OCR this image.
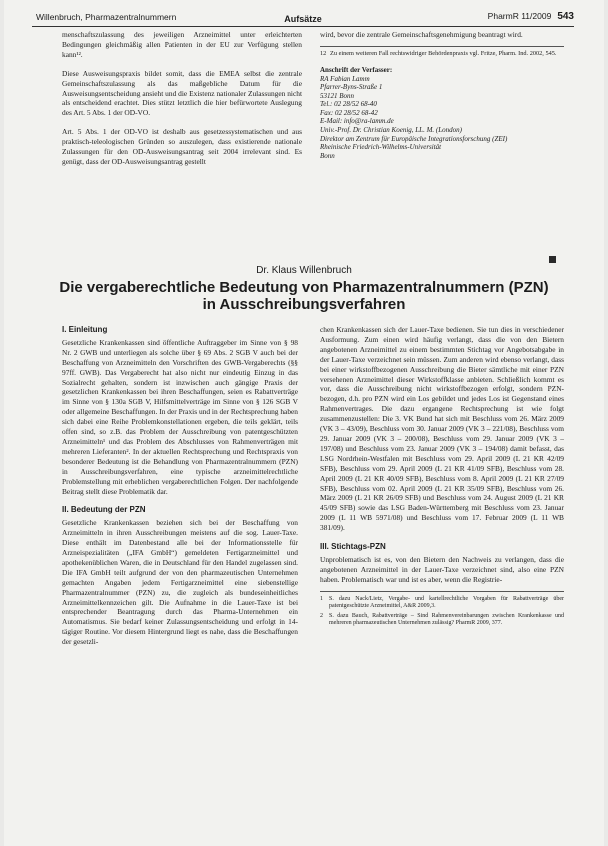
Willenbruch, Pharmazentralnummern	Aufsätze	PharmR 11/2009 543

menschaftszulassung des jeweiligen Arzneimittel unter erleichterten Bedingungen gleichmäßig allen Patienten in der EU zur Verfügung stellen kann¹².

Diese Ausweisungspraxis bildet somit, dass die EMEA selbst die zentrale Gemeinschaftszulassung als das maßgebliche Datum für die Ausweisungsentscheidung ansieht und die Existenz nationaler Zulassungen nicht als entscheidend erachtet. Dies stützt letztlich die hier befürwortete Auslegung des Art. 5 Abs. 1 der OD-VO.

Art. 5 Abs. 1 der OD-VO ist deshalb aus gesetzessystematischen und aus praktisch-teleologischen Gründen so auszulegen, dass existierende nationale Zulassungen für den OD-Ausweisungsantrag seit 2004 irrelevant sind. Es genügt, dass der OD-Ausweisungsantrag gestellt

wird, bevor die zentrale Gemeinschaftsgenehmigung beantragt wird.

12 Zu einem weiteren Fall rechtswidriger Behördenpraxis vgl. Fritze, Pharm. Ind. 2002, 545.
Anschrift der Verfasser:
RA Fabian Lamm
Pfarrer-Byns-Straße 1
53121 Bonn
Tel.: 02 28/52 68-40
Fax: 02 28/52 68-42
E-Mail: info@ra-lamm.de
Univ.-Prof. Dr. Christian Koenig, LL. M. (London)
Direktor am Zentrum für Europäische Integrationsforschung (ZEI)
Rheinische Friedrich-Wilhelms-Universität
Bonn
Dr. Klaus Willenbruch
Die vergaberechtliche Bedeutung von Pharmazentralnummern (PZN)
in Ausschreibungsverfahren
I. Einleitung

Gesetzliche Krankenkassen sind öffentliche Auftraggeber im Sinne von § 98 Nr. 2 GWB und unterliegen als solche über § 69 Abs. 2 SGB V auch bei der Beschaffung von Arzneimitteln den Vorschriften des GWB-Vergaberechts (§§ 97ff. GWB). Das Vergaberecht hat also nicht nur eindeutig Einzug in das Sozialrecht gehalten, sondern ist inzwischen auch gängige Praxis der gesetzlichen Krankenkassen bei ihren Beschaffungen, seien es Rabattverträge im Sinne von § 130a SGB V, Hilfsmittelverträge im Sinne von § 126 SGB V oder allgemeine Beschaffungen. In der Praxis und in der Rechtsprechung haben sich dabei eine Reihe Problemkonstellationen ergeben, die teils geklärt, teils offen sind, so z.B. das Problem der Ausschreibung von patentgeschützten Arzneimitteln¹ und das Problem des Abschlusses von Rahmenverträgen mit mehreren Lieferanten². In der aktuellen Rechtsprechung und Rechtspraxis von besonderer Bedeutung ist die Behandlung von Pharmazentralnummern (PZN) in Ausschreibungsverfahren, eine typische arzneimittelrechtliche Problemstellung mit erheblichen vergaberechtlichen Folgen. Der nachfolgende Beitrag stellt diese Problematik dar.

II. Bedeutung der PZN

Gesetzliche Krankenkassen beziehen sich bei der Beschaffung von Arzneimitteln in ihren Ausschreibungen meistens auf die sog. Lauer-Taxe. Diese enthält im Datenbestand alle bei der Informationsstelle für Arzneispezialitäten („IFA GmbH“) gemeldeten Fertigarzneimittel und apothekenüblichen Waren, die in Deutschland für den Handel zugelassen sind. Die IFA GmbH teilt aufgrund der von den pharmazeutischen Unternehmen gemachten Angaben jedem Fertigarzneimittel eine siebenstellige Pharmazentralnummer (PZN) zu, die zugleich als bundeseinheitliches Arzneimittelkennzeichen gilt. Die Aufnahme in die Lauer-Taxe ist bei entsprechender Beantragung durch das Pharma-Unternehmen ein Automatismus. Sie bedarf keiner Zulassungsentscheidung und erfolgt in 14-tägiger Routine. Vor diesem Hintergrund liegt es nahe, dass die Beschaffungen der gesetzli-

chen Krankenkassen sich der Lauer-Taxe bedienen. Sie tun dies in verschiedener Ausformung. Zum einen wird häufig verlangt, dass die von den Bietern angebotenen Arzneimittel zu einem bestimmten Stichtag vor Angebotsabgabe in der Lauer-Taxe verzeichnet sein müssen. Zum anderen wird ebenso verlangt, dass bei einer wirkstoffbezogenen Ausschreibung die Bieter sämtliche mit einer PZN versehenen Arzneimittel dieser Wirkstoffklasse anbieten. Schließlich kommt es vor, dass die Ausschreibung nicht wirkstoffbezogen erfolgt, sondern PZN-bezogen, d.h. pro PZN wird ein Los gebildet und jedes Los ist Gegenstand eines Rahmenvertrages. Die dazu ergangene Rechtsprechung ist wie folgt zusammenzustellen: Die 3. VK Bund hat sich mit Beschluss vom 26. März 2009 (VK 3 – 43/09), Beschluss vom 30. Januar 2009 (VK 3 – 221/08), Beschluss vom 29. Januar 2009 (VK 3 – 200/08), Beschluss vom 29. Januar 2009 (VK 3 – 197/08) und Beschluss vom 23. Januar 2009 (VK 3 – 194/08) damit befasst, das LSG Nordrhein-Westfalen mit Beschluss vom 29. April 2009 (L 21 KR 42/09 SFB), Beschluss vom 29. April 2009 (L 21 KR 41/09 SFB), Beschluss vom 28. April 2009 (L 21 KR 40/09 SFB), Beschluss vom 8. April 2009 (L 21 KR 27/09 SFB), Beschluss vom 02. April 2009 (L 21 KR 35/09 SFB), Beschluss vom 26. März 2009 (L 21 KR 26/09 SFB) und Beschluss vom 24. August 2009 (L 21 KR 45/09 SFB) sowie das LSG Baden-Württemberg mit Beschluss vom 23. Januar 2009 (L 11 WB 5971/08) und Beschluss vom 17. Februar 2009 (L 11 WB 381/09).

III. Stichtags-PZN

Unproblematisch ist es, von den Bietern den Nachweis zu verlangen, dass die angebotenen Arzneimittel in der Lauer-Taxe verzeichnet sind, also eine PZN haben. Problematisch war und ist es aber, wenn die Registrie-

1	S. dazu Nack/Lietz, Vergabe- und kartellrechtliche Vorgaben für Rabattverträge über patentgeschützte Arzneimittel, A&R 2009,3.
2	S. dazu Bauch, Rabattverträge – Sind Rahmenvereinbarungen zwischen Krankenkasse und mehreren pharmazeutischen Unternehmen zulässig? PharmR 2009, 377.
